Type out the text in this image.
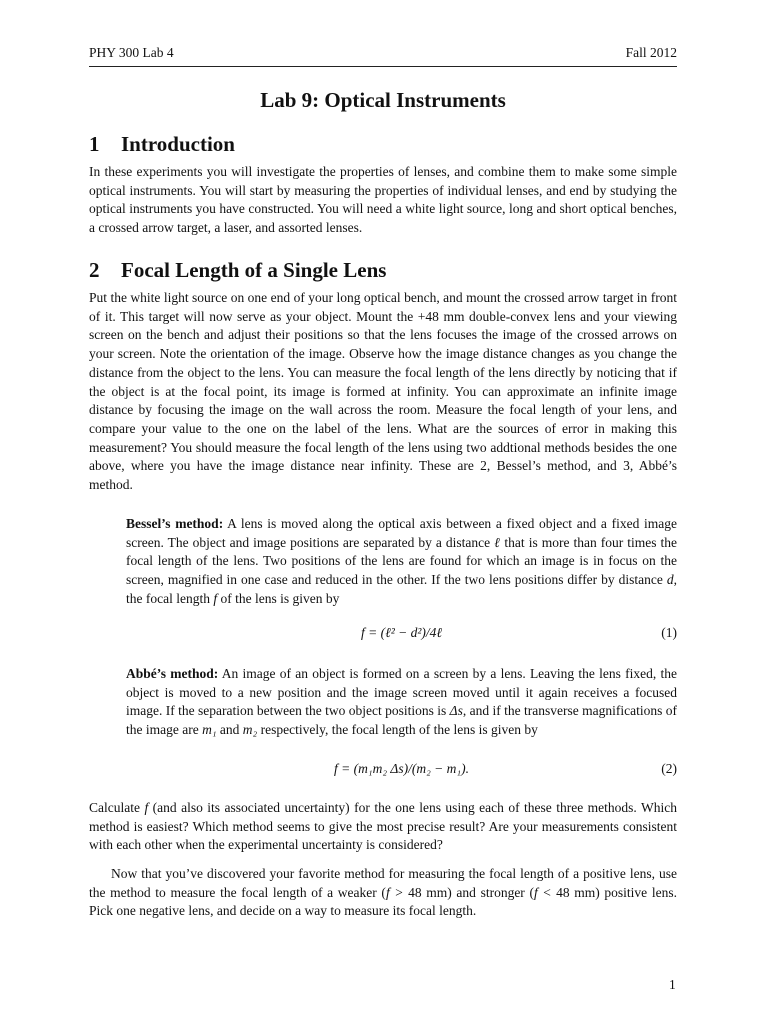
PHY 300 Lab 4	Fall 2012
Lab 9: Optical Instruments
1 Introduction
In these experiments you will investigate the properties of lenses, and combine them to make some simple optical instruments. You will start by measuring the properties of individual lenses, and end by studying the optical instruments you have constructed. You will need a white light source, long and short optical benches, a crossed arrow target, a laser, and assorted lenses.
2 Focal Length of a Single Lens
Put the white light source on one end of your long optical bench, and mount the crossed arrow target in front of it. This target will now serve as your object. Mount the +48 mm double-convex lens and your viewing screen on the bench and adjust their positions so that the lens focuses the image of the crossed arrows on your screen. Note the orientation of the image. Observe how the image distance changes as you change the distance from the object to the lens. You can measure the focal length of the lens directly by noticing that if the object is at the focal point, its image is formed at infinity. You can approximate an infinite image distance by focusing the image on the wall across the room. Measure the focal length of your lens, and compare your value to the one on the label of the lens. What are the sources of error in making this measurement? You should measure the focal length of the lens using two addtional methods besides the one above, where you have the image distance near infinity. These are 2, Bessel’s method, and 3, Abbé’s method.
Bessel’s method: A lens is moved along the optical axis between a fixed object and a fixed image screen. The object and image positions are separated by a distance ℓ that is more than four times the focal length of the lens. Two positions of the lens are found for which an image is in focus on the screen, magnified in one case and reduced in the other. If the two lens positions differ by distance d, the focal length f of the lens is given by
f = (ℓ² − d²)/4ℓ	(1)
Abbé’s method: An image of an object is formed on a screen by a lens. Leaving the lens fixed, the object is moved to a new position and the image screen moved until it again receives a focused image. If the separation between the two object positions is Δs, and if the transverse magnifications of the image are m₁ and m₂ respectively, the focal length of the lens is given by
f = (m₁m₂ Δs)/(m₂ − m₁).	(2)
Calculate f (and also its associated uncertainty) for the one lens using each of these three methods. Which method is easiest? Which method seems to give the most precise result? Are your measurements consistent with each other when the experimental uncertainty is considered?
Now that you’ve discovered your favorite method for measuring the focal length of a positive lens, use the method to measure the focal length of a weaker (f > 48 mm) and stronger (f < 48 mm) positive lens. Pick one negative lens, and decide on a way to measure its focal length.
1
